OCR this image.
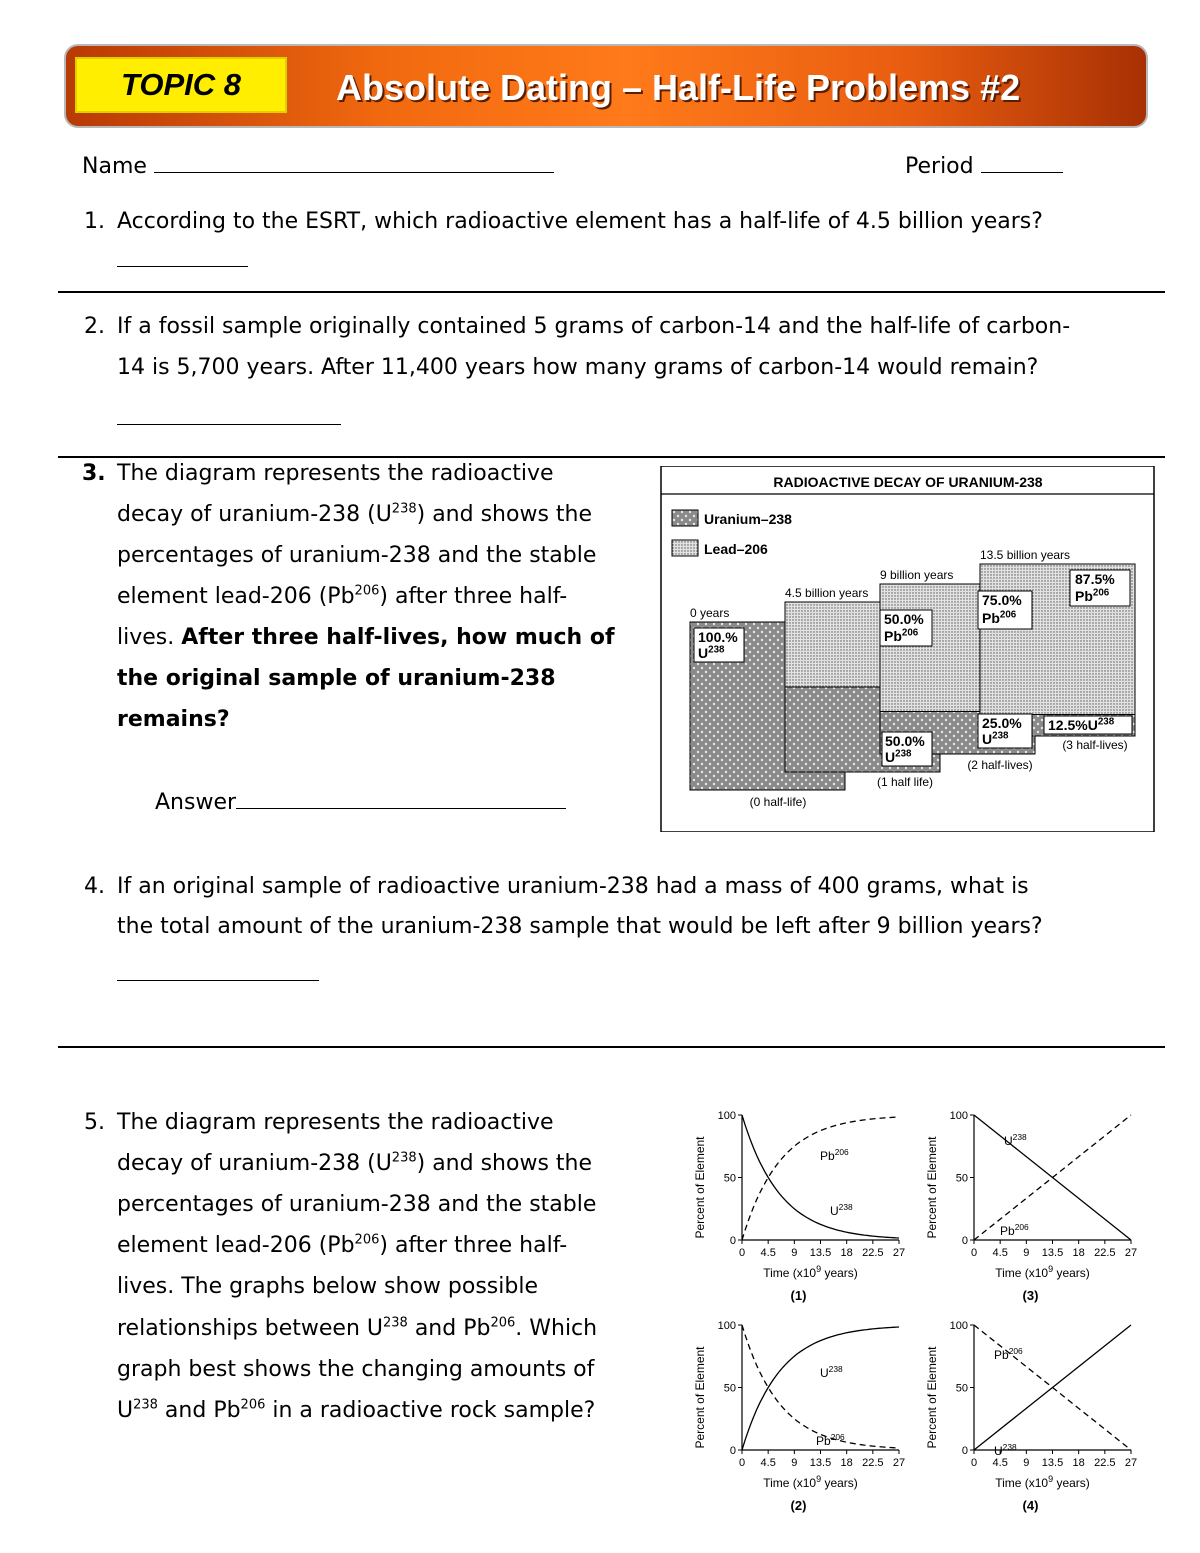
TOPIC 8	Absolute Dating – Half-Life Problems #2
Name	Period
1. According to the ESRT, which radioactive element has a half-life of 4.5 billion years?
2. If a fossil sample originally contained 5 grams of carbon-14 and the half-life of carbon-
14 is 5,700 years. After 11,400 years how many grams of carbon-14 would remain?
3. The diagram represents the radioactive
decay of uranium-238 $(U^{238})$ and shows the
percentages of uranium-238 and the stable
element lead-206 (Pb$^{206}$) after three half-
lives. After three half-lives, how much of
the original sample of uranium-238
remains?
Answer
RADIOACTIVE DECAY OF URANIUM-238
Uranium–238
Lead–206
0 years
(0 half-life)
4.5 billion years
(1 half life)
9 billion years
(2 half-lives)
13.5 billion years
(3 half-lives)
100.%
$U^{238}$
50.0%
Pb$^{206}$
50.0%
$U^{238}$
75.0%
Pb$^{206}$
25.0%
$U^{238}$
87.5%
Pb$^{206}$
$12.5\%U^{238}$
4. If an original sample of radioactive uranium-238 had a mass of 400 grams, what is
the total amount of the uranium-238 sample that would be left after 9 billion years?
5. The diagram represents the radioactive
decay of uranium-238 $(U^{238})$ and shows the
percentages of uranium-238 and the stable
element lead-206 (Pb$^{206}$) after three half-
lives. The graphs below show possible
relationships between $U^{238}$ and Pb$^{206}$. Which
graph best shows the changing amounts of
$U^{238}$ and Pb$^{206}$ in a radioactive rock sample?
0
50
100
0 4.5 9 13.5 18 22.5 27
Percent of Element
Time ($x10^9$ years)
(1)
Pb$^{206}$
$U^{238}$
0
50
100
0 4.5 9 13.5 18 22.5 27
Percent of Element
Time ($x10^9$ years)
(3)
Pb$^{206}$
$U^{238}$
0
50
100
0 4.5 9 13.5 18 22.5 27
Percent of Element
Time ($x10^9$ years)
(2)
Pb$^{206}$
$U^{238}$
0
50
100
0 4.5 9 13.5 18 22.5 27
Percent of Element
Time ($x10^9$ years)
(4)
Pb$^{206}$
$U^{238}$
